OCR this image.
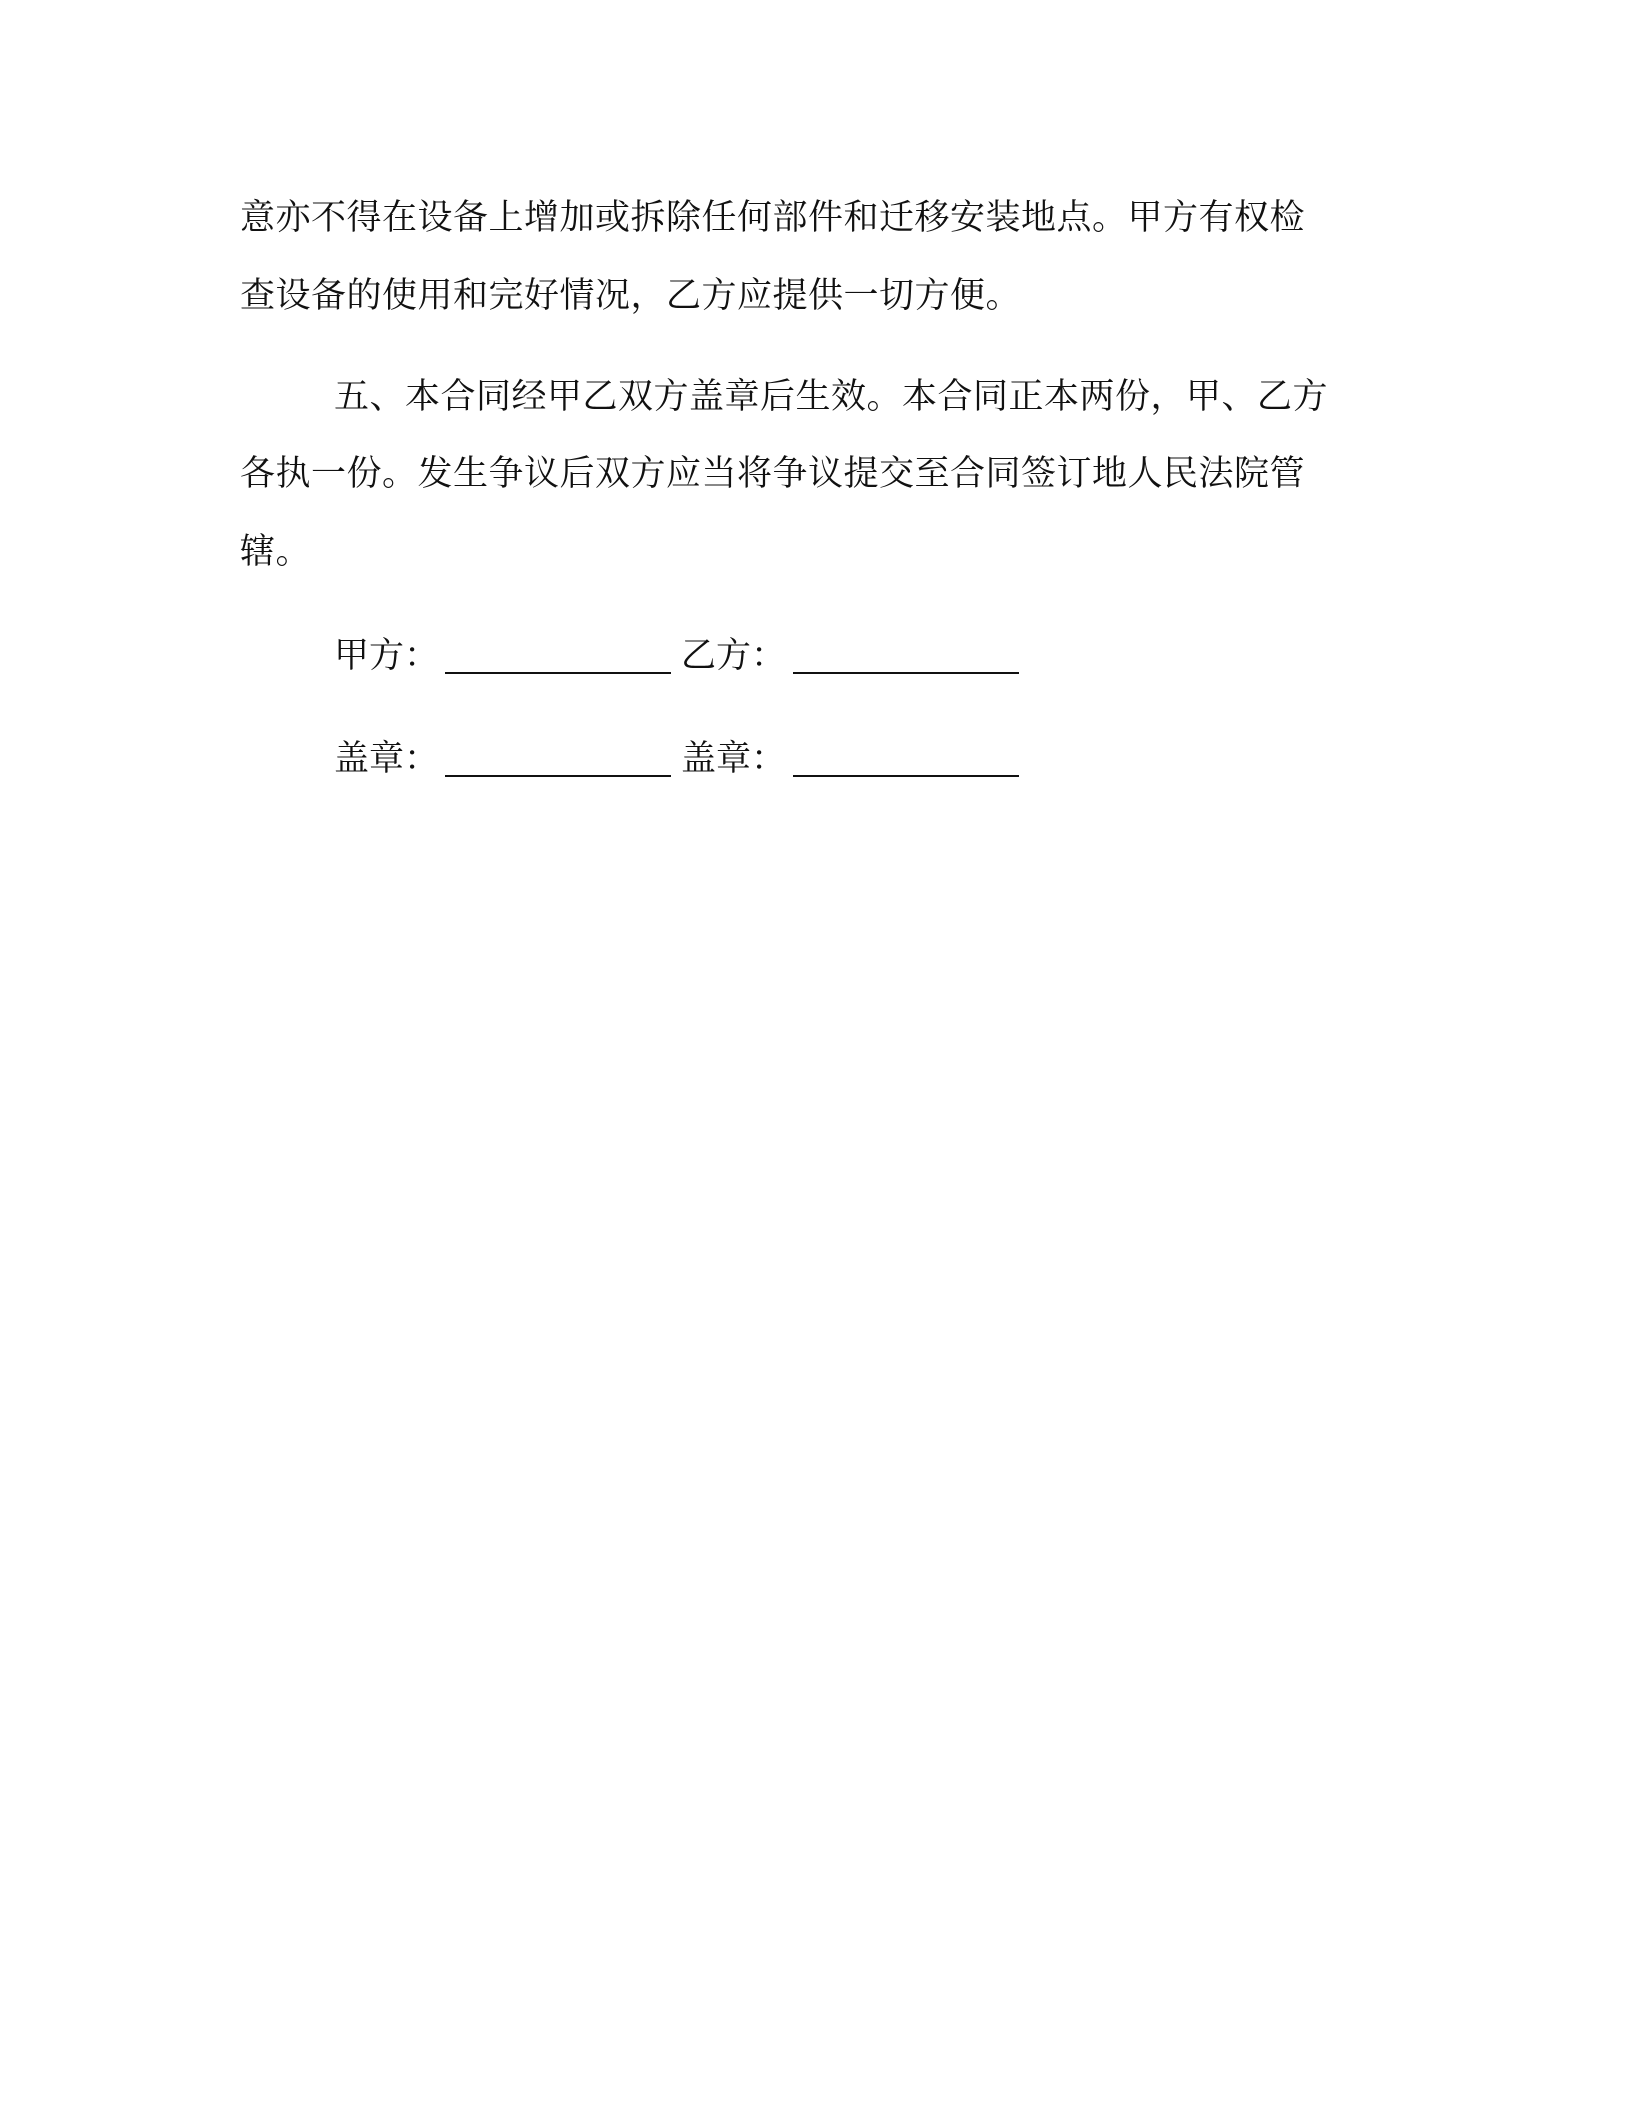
意亦不得在设备上增加或拆除任何部件和迁移安装地点。甲方有权检
查设备的使用和完好情况，乙方应提供一切方便。
五、本合同经甲乙双方盖章后生效。本合同正本两份，甲、乙方
各执一份。发生争议后双方应当将争议提交至合同签订地人民法院管
辖。
甲方：	乙方：
盖章：	盖章：
